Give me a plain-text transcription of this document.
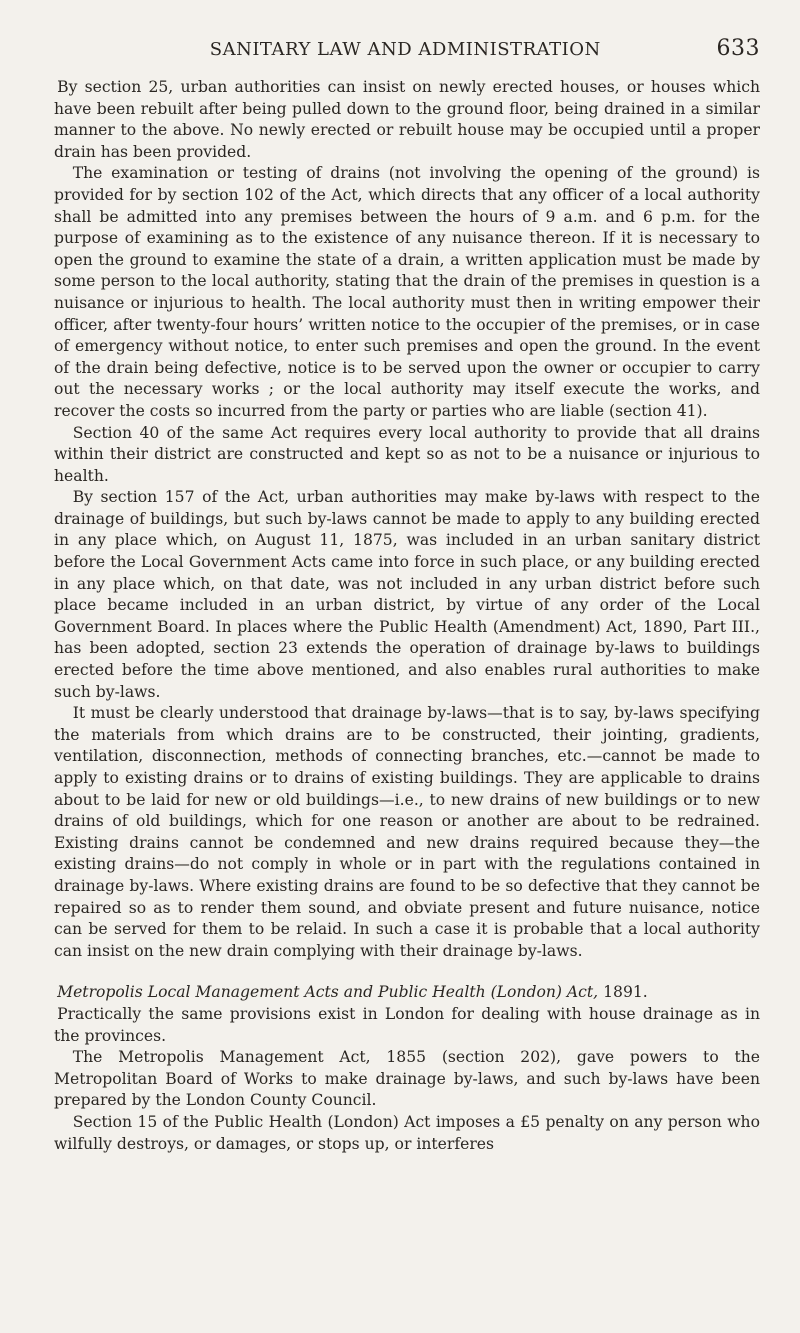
SANITARY LAW AND ADMINISTRATION	633

By section 25, urban authorities can insist on newly erected houses, or houses which have been rebuilt after being pulled down to the ground floor, being drained in a similar manner to the above. No newly erected or rebuilt house may be occupied until a proper drain has been provided.

The examination or testing of drains (not involving the opening of the ground) is provided for by section 102 of the Act, which directs that any officer of a local authority shall be admitted into any premises between the hours of 9 a.m. and 6 p.m. for the purpose of examining as to the existence of any nuisance thereon. If it is necessary to open the ground to examine the state of a drain, a written application must be made by some person to the local authority, stating that the drain of the premises in question is a nuisance or injurious to health. The local authority must then in writing empower their officer, after twenty-four hours’ written notice to the occupier of the premises, or in case of emergency without notice, to enter such premises and open the ground. In the event of the drain being defective, notice is to be served upon the owner or occupier to carry out the necessary works ; or the local authority may itself execute the works, and recover the costs so incurred from the party or parties who are liable (section 41).

Section 40 of the same Act requires every local authority to provide that all drains within their district are constructed and kept so as not to be a nuisance or injurious to health.

By section 157 of the Act, urban authorities may make by-laws with respect to the drainage of buildings, but such by-laws cannot be made to apply to any building erected in any place which, on August 11, 1875, was included in an urban sanitary district before the Local Government Acts came into force in such place, or any building erected in any place which, on that date, was not included in any urban district before such place became included in an urban district, by virtue of any order of the Local Government Board. In places where the Public Health (Amendment) Act, 1890, Part III., has been adopted, section 23 extends the operation of drainage by-laws to buildings erected before the time above mentioned, and also enables rural authorities to make such by-laws.

It must be clearly understood that drainage by-laws—that is to say, by-laws specifying the materials from which drains are to be constructed, their jointing, gradients, ventilation, disconnection, methods of connecting branches, etc.—cannot be made to apply to existing drains or to drains of existing buildings. They are applicable to drains about to be laid for new or old buildings—i.e., to new drains of new buildings or to new drains of old buildings, which for one reason or another are about to be redrained. Existing drains cannot be condemned and new drains required because they—the existing drains—do not comply in whole or in part with the regulations contained in drainage by-laws. Where existing drains are found to be so defective that they cannot be repaired so as to render them sound, and obviate present and future nuisance, notice can be served for them to be relaid. In such a case it is probable that a local authority can insist on the new drain complying with their drainage by-laws.

Metropolis Local Management Acts and Public Health (London) Act, 1891.

Practically the same provisions exist in London for dealing with house drainage as in the provinces.

The Metropolis Management Act, 1855 (section 202), gave powers to the Metropolitan Board of Works to make drainage by-laws, and such by-laws have been prepared by the London County Council.

Section 15 of the Public Health (London) Act imposes a £5 penalty on any person who wilfully destroys, or damages, or stops up, or interferes
